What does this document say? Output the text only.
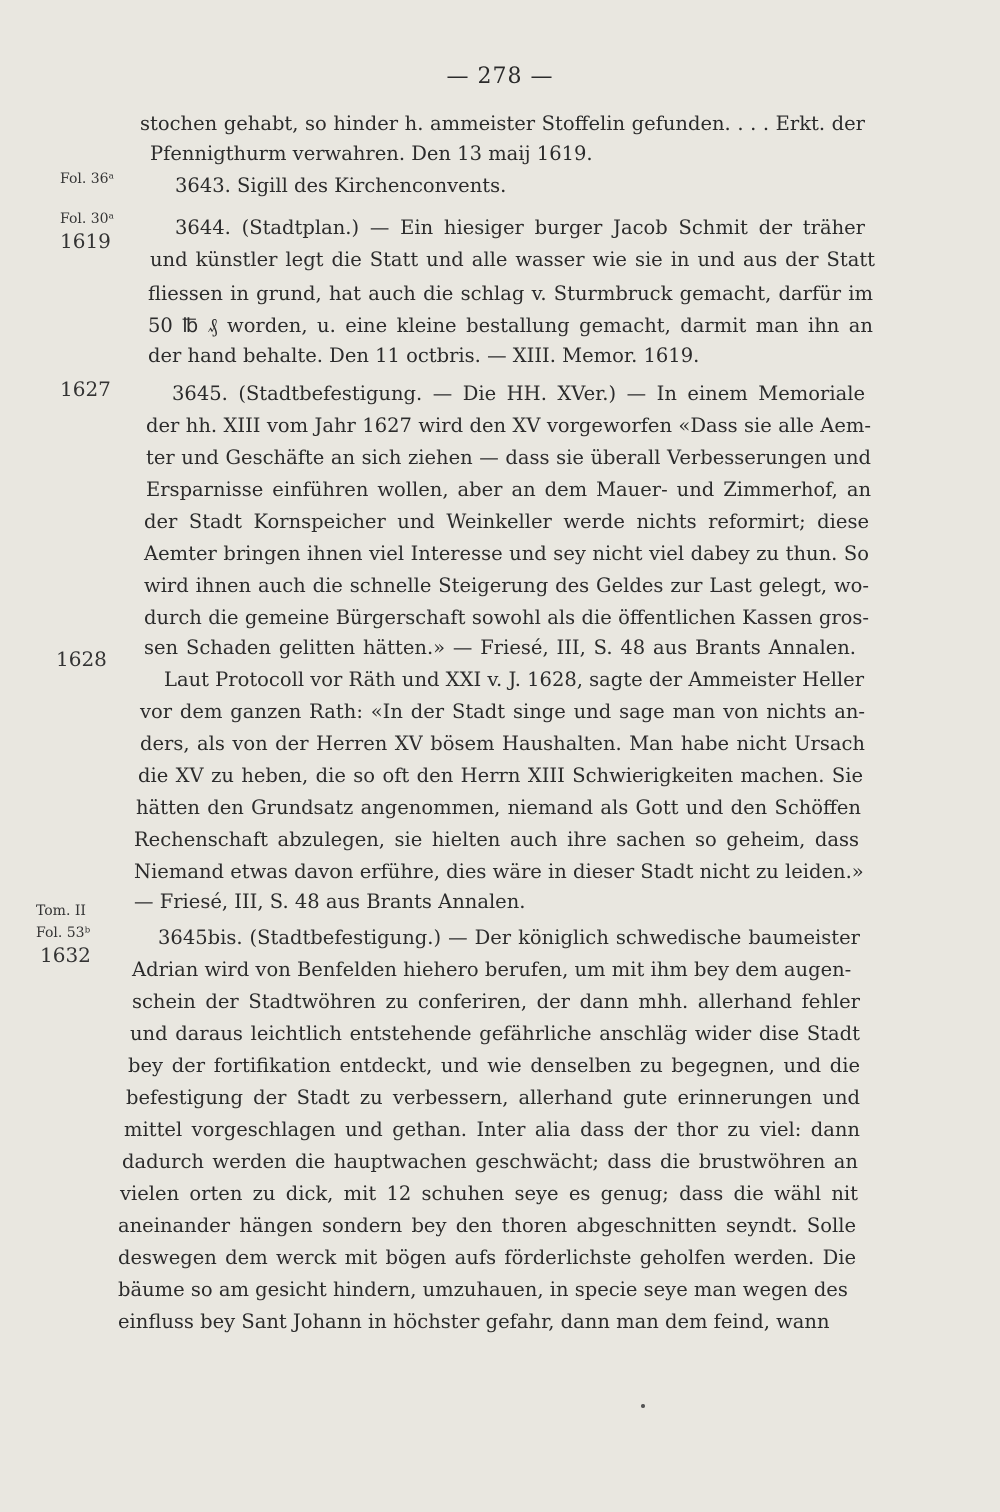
— 278 —
Fol. 36ᵃ
Fol. 30ᵃ
1619
1627
1628
Tom. II
Fol. 53ᵇ
1632
stochen gehabt, so hinder h. ammeister Stoffelin gefunden. . . . Erkt. der
Pfennigthurm verwahren. Den 13 maij 1619.
3643. Sigill des Kirchenconvents.
3644. (Stadtplan.) — Ein hiesiger burger Jacob Schmit der träher
und künstler legt die Statt und alle wasser wie sie in und aus der Statt
fliessen in grund, hat auch die schlag v. Sturmbruck gemacht, darfür im
50 ℔ ₰ worden, u. eine kleine bestallung gemacht, darmit man ihn an
der hand behalte. Den 11 octbris. — XIII. Memor. 1619.
3645. (Stadtbefestigung. — Die HH. XVer.) — In einem Memoriale
der hh. XIII vom Jahr 1627 wird den XV vorgeworfen «Dass sie alle Aem-
ter und Geschäfte an sich ziehen — dass sie überall Verbesserungen und
Ersparnisse einführen wollen, aber an dem Mauer- und Zimmerhof, an
der Stadt Kornspeicher und Weinkeller werde nichts reformirt; diese
Aemter bringen ihnen viel Interesse und sey nicht viel dabey zu thun. So
wird ihnen auch die schnelle Steigerung des Geldes zur Last gelegt, wo-
durch die gemeine Bürgerschaft sowohl als die öffentlichen Kassen gros-
sen Schaden gelitten hätten.» — Friesé, III, S. 48 aus Brants Annalen.
Laut Protocoll vor Räth und XXI v. J. 1628, sagte der Ammeister Heller
vor dem ganzen Rath: «In der Stadt singe und sage man von nichts an-
ders, als von der Herren XV bösem Haushalten. Man habe nicht Ursach
die XV zu heben, die so oft den Herrn XIII Schwierigkeiten machen. Sie
hätten den Grundsatz angenommen, niemand als Gott und den Schöffen
Rechenschaft abzulegen, sie hielten auch ihre sachen so geheim, dass
Niemand etwas davon erführe, dies wäre in dieser Stadt nicht zu leiden.»
— Friesé, III, S. 48 aus Brants Annalen.
3645bis. (Stadtbefestigung.) — Der königlich schwedische baumeister
Adrian wird von Benfelden hiehero berufen, um mit ihm bey dem augen-
schein der Stadtwöhren zu conferiren, der dann mhh. allerhand fehler
und daraus leichtlich entstehende gefährliche anschläg wider dise Stadt
bey der fortifikation entdeckt, und wie denselben zu begegnen, und die
befestigung der Stadt zu verbessern, allerhand gute erinnerungen und
mittel vorgeschlagen und gethan. Inter alia dass der thor zu viel: dann
dadurch werden die hauptwachen geschwächt; dass die brustwöhren an
vielen orten zu dick, mit 12 schuhen seye es genug; dass die wähl nit
aneinander hängen sondern bey den thoren abgeschnitten seyndt. Solle
deswegen dem werck mit bögen aufs förderlichste geholfen werden. Die
bäume so am gesicht hindern, umzuhauen, in specie seye man wegen des
einfluss bey Sant Johann in höchster gefahr, dann man dem feind, wann
